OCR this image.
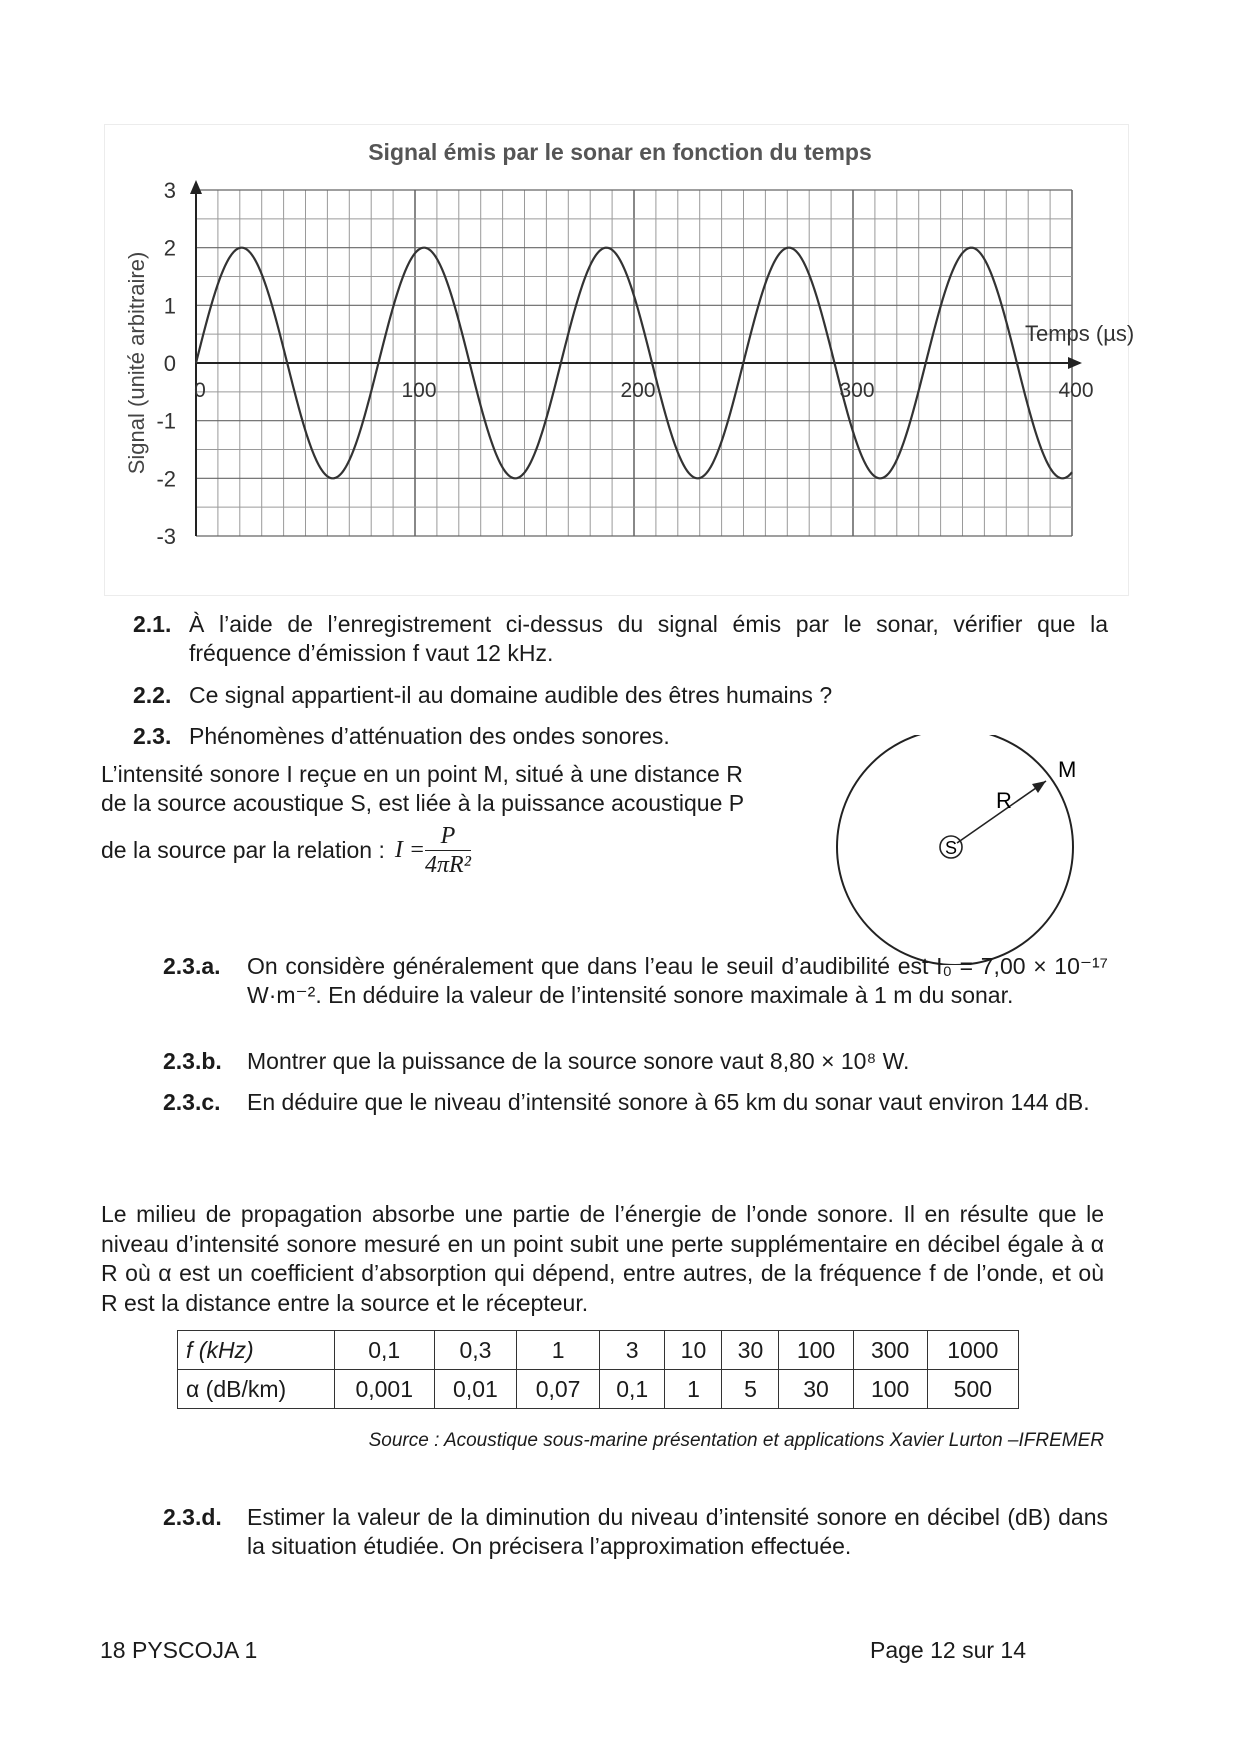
Signal émis par le sonar en fonction du temps
3
2
1
0
-1
-2
-3
0	100	200	300	400
Temps (µs)
Signal (unité arbitraire)
2.1. À l’aide de l’enregistrement ci-dessus du signal émis par le sonar, vérifier que la fréquence d’émission f vaut 12 kHz.
2.2. Ce signal appartient-il au domaine audible des êtres humains ?
2.3. Phénomènes d’atténuation des ondes sonores.
L’intensité sonore I reçue en un point M, situé à une distance R
de la source acoustique S, est liée à la puissance acoustique P
de la source par la relation : $I = \frac{P}{\text{4πR²}}$	S
R
M
2.3.a.	On considère généralement que dans l’eau le seuil d’audibilité est I₀ = 7,00 × 10⁻¹⁷ W·m⁻². En déduire la valeur de l’intensité sonore maximale à 1 m du sonar.
2.3.b.	Montrer que la puissance de la source sonore vaut 8,80 × 10⁸ W.
2.3.c.	En déduire que le niveau d’intensité sonore à 65 km du sonar vaut environ 144 dB.
Le milieu de propagation absorbe une partie de l’énergie de l’onde sonore. Il en résulte que le niveau d’intensité sonore mesuré en un point subit une perte supplémentaire en décibel égale à α R où α est un coefficient d’absorption qui dépend, entre autres, de la fréquence f de l’onde, et où R est la distance entre la source et le récepteur.
f (kHz)	0,1	0,3	1	3	10	30	100	300	1000
α (dB/km)	0,001	0,01	0,07	0,1	1	5	30	100	500
Source : Acoustique sous-marine présentation et applications Xavier Lurton –IFREMER
2.3.d.	Estimer la valeur de la diminution du niveau d’intensité sonore en décibel (dB) dans la situation étudiée. On précisera l’approximation effectuée.
18 PYSCOJA 1	Page 12 sur 14
